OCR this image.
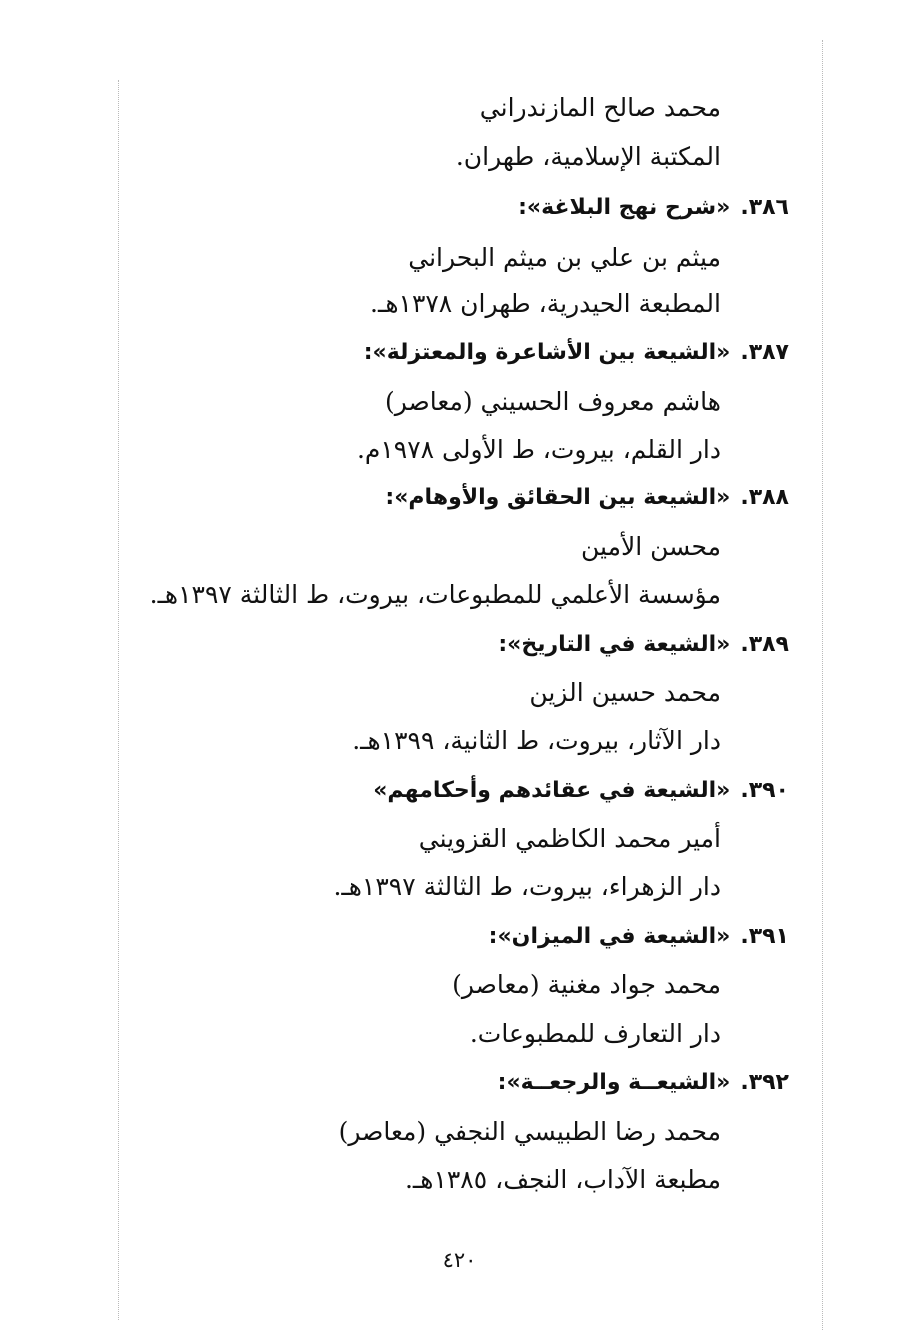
محمد صالح المازندراني
المكتبة الإسلامية، طهران.
٣٨٦.«شرح نهج البلاغة»:
ميثم بن علي بن ميثم البحراني
المطبعة الحيدرية، طهران ١٣٧٨هـ.
٣٨٧.«الشيعة بين الأشاعرة والمعتزلة»:
هاشم معروف الحسيني (معاصر)
دار القلم، بيروت، ط الأولى ١٩٧٨م.
٣٨٨.«الشيعة بين الحقائق والأوهام»:
محسن الأمين
مؤسسة الأعلمي للمطبوعات، بيروت، ط الثالثة ١٣٩٧هـ.
٣٨٩.«الشيعة في التاريخ»:
محمد حسين الزين
دار الآثار، بيروت، ط الثانية، ١٣٩٩هـ.
٣٩٠.«الشيعة في عقائدهم وأحكامهم»
أمير محمد الكاظمي القزويني
دار الزهراء، بيروت، ط الثالثة ١٣٩٧هـ.
٣٩١.«الشيعة في الميزان»:
محمد جواد مغنية (معاصر)
دار التعارف للمطبوعات.
٣٩٢.«الشيعــة والرجعــة»:
محمد رضا الطبيسي النجفي (معاصر)
مطبعة الآداب، النجف، ١٣٨٥هـ.
٤٢٠
